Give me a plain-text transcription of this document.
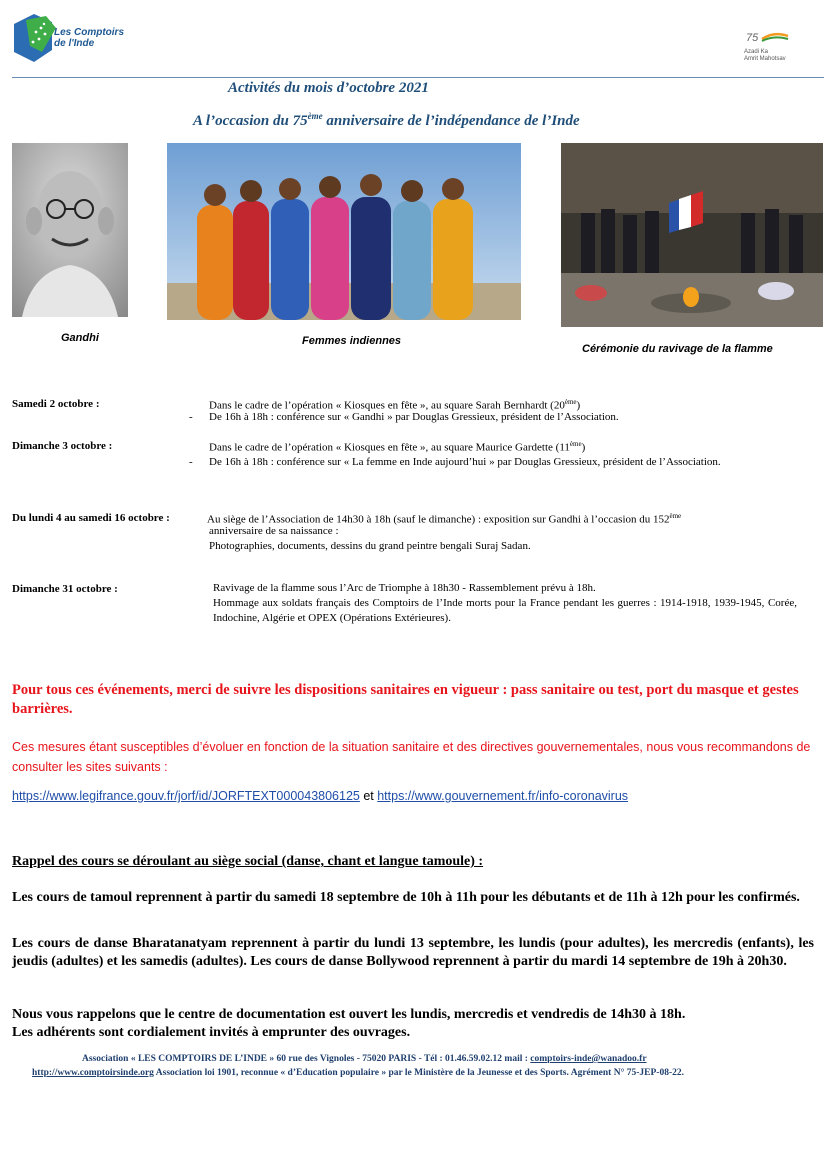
Les Comptoirs
de l'Inde	75
Azadi Ka
Amrit Mahotsav
Activités du mois d’octobre 2021
A l’occasion du 75ème anniversaire de l’indépendance de l’Inde
Gandhi	Femmes indiennes
Cérémonie du ravivage de la flamme
Samedi 2 octobre :	Dans le cadre de l’opération « Kiosques en fête », au square Sarah Bernhardt (20ème)
- De 16h à 18h : conférence sur « Gandhi » par Douglas Gressieux, président de l’Association.
Dimanche 3 octobre :	Dans le cadre de l’opération « Kiosques en fête », au square Maurice Gardette (11ème)
- De 16h à 18h : conférence sur « La femme en Inde aujourd’hui » par Douglas Gressieux, président de l’Association.
Du lundi 4 au samedi 16 octobre :	Au siège de l’Association de 14h30 à 18h (sauf le dimanche) : exposition sur Gandhi à l’occasion du 152ème
anniversaire de sa naissance :
Photographies, documents, dessins du grand peintre bengali Suraj Sadan.
Dimanche 31 octobre :	Ravivage de la flamme sous l’Arc de Triomphe à 18h30 - Rassemblement prévu à 18h.
Hommage aux soldats français des Comptoirs de l’Inde morts pour la France pendant les guerres : 1914-1918, 1939-1945, Corée, Indochine, Algérie et OPEX (Opérations Extérieures).
Pour tous ces événements, merci de suivre les dispositions sanitaires en vigueur : pass sanitaire ou test, port du masque et gestes barrières.
Ces mesures étant susceptibles d’évoluer en fonction de la situation sanitaire et des directives gouvernementales, nous vous recommandons de consulter les sites suivants :
https://www.legifrance.gouv.fr/jorf/id/JORFTEXT000043806125 et https://www.gouvernement.fr/info-coronavirus
Rappel des cours se déroulant au siège social (danse, chant et langue tamoule) :
Les cours de tamoul reprennent à partir du samedi 18 septembre de 10h à 11h pour les débutants et de 11h à 12h pour les confirmés.
Les cours de danse Bharatanatyam reprennent à partir du lundi 13 septembre, les lundis (pour adultes), les mercredis (enfants), les jeudis (adultes) et les samedis (adultes). Les cours de danse Bollywood reprennent à partir du mardi 14 septembre de 19h à 20h30.
Nous vous rappelons que le centre de documentation est ouvert les lundis, mercredis et vendredis de 14h30 à 18h.
Les adhérents sont cordialement invités à emprunter des ouvrages.
Association « LES COMPTOIRS DE L’INDE » 60 rue des Vignoles - 75020 PARIS - Tél : 01.46.59.02.12 mail : comptoirs-inde@wanadoo.fr
http://www.comptoirsinde.org Association loi 1901, reconnue « d’Education populaire » par le Ministère de la Jeunesse et des Sports. Agrément N° 75-JEP-08-22.
